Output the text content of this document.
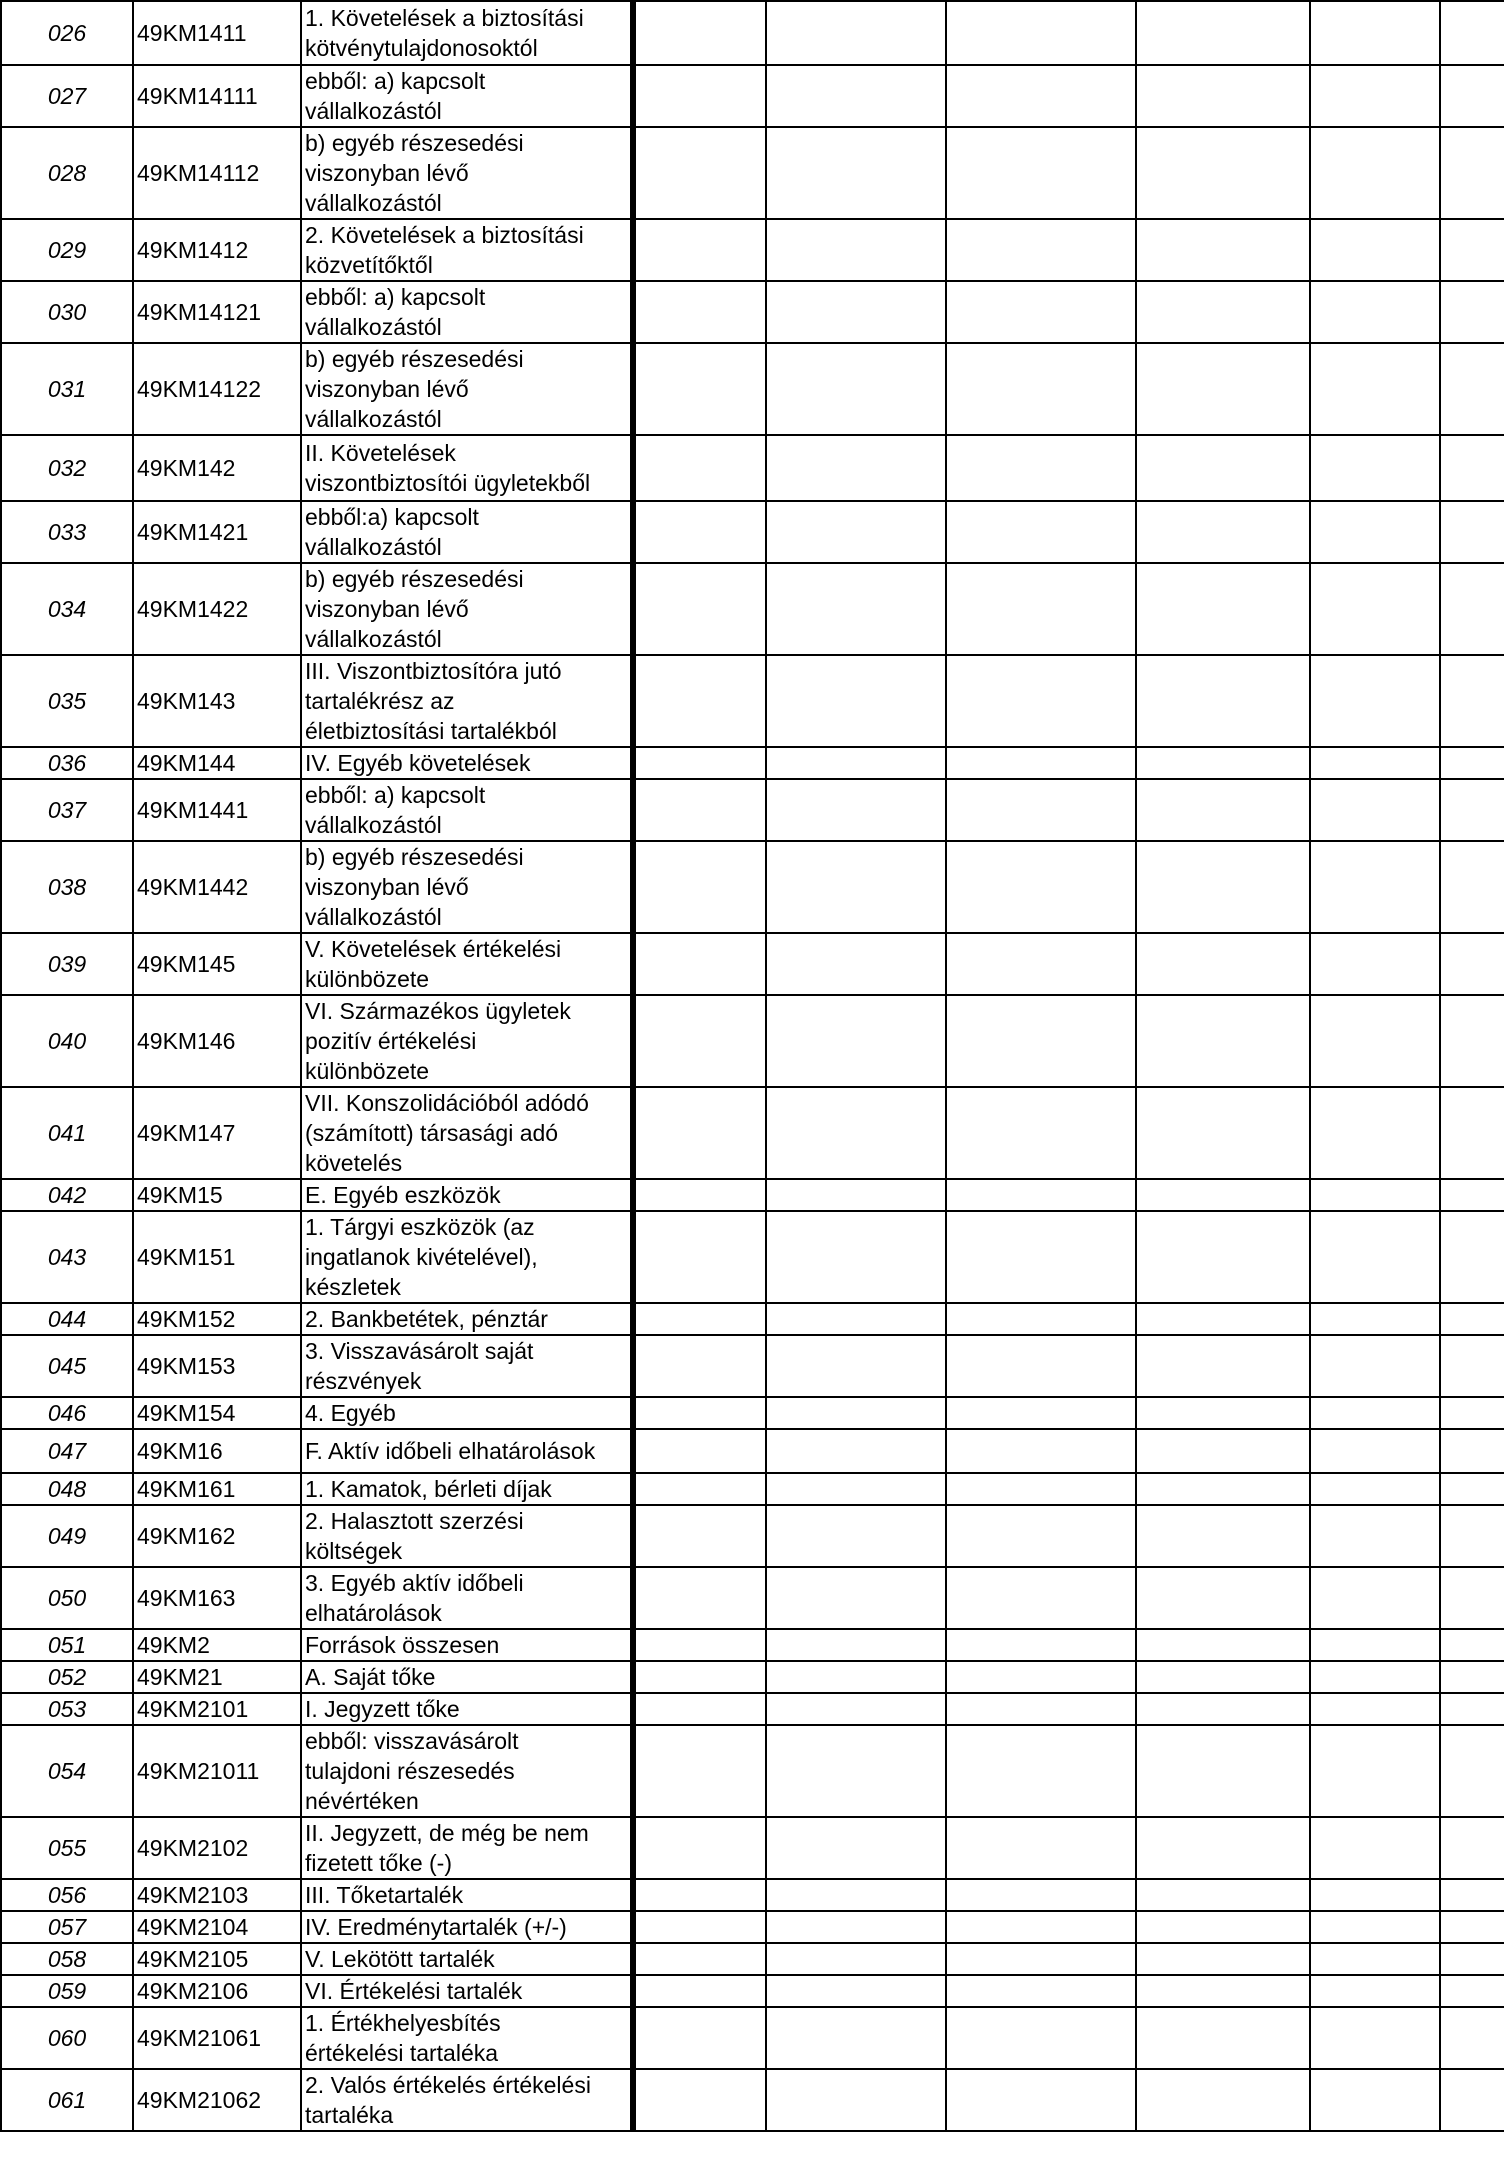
026	49KM1411	1. Követelések a biztosítási
kötvénytulajdonosoktól						
027	49KM14111	ebből: a) kapcsolt
vállalkozástól						
028	49KM14112	b) egyéb részesedési
viszonyban lévő
vállalkozástól						
029	49KM1412	2. Követelések a biztosítási
közvetítőktől						
030	49KM14121	ebből: a) kapcsolt
vállalkozástól						
031	49KM14122	b) egyéb részesedési
viszonyban lévő
vállalkozástól						
032	49KM142	II. Követelések
viszontbiztosítói ügyletekből						
033	49KM1421	ebből:a) kapcsolt
vállalkozástól						
034	49KM1422	b) egyéb részesedési
viszonyban lévő
vállalkozástól						
035	49KM143	III. Viszontbiztosítóra jutó
tartalékrész az
életbiztosítási tartalékból						
036	49KM144	IV. Egyéb követelések						
037	49KM1441	ebből: a) kapcsolt
vállalkozástól						
038	49KM1442	b) egyéb részesedési
viszonyban lévő
vállalkozástól						
039	49KM145	V. Követelések értékelési
különbözete						
040	49KM146	VI. Származékos ügyletek
pozitív értékelési
különbözete						
041	49KM147	VII. Konszolidációból adódó
(számított) társasági adó
követelés						
042	49KM15	E. Egyéb eszközök						
043	49KM151	1. Tárgyi eszközök (az
ingatlanok kivételével),
készletek						
044	49KM152	2. Bankbetétek, pénztár						
045	49KM153	3. Visszavásárolt saját
részvények						
046	49KM154	4. Egyéb						
047	49KM16	F. Aktív időbeli elhatárolások						
048	49KM161	1. Kamatok, bérleti díjak						
049	49KM162	2. Halasztott szerzési
költségek						
050	49KM163	3. Egyéb aktív időbeli
elhatárolások						
051	49KM2	Források összesen						
052	49KM21	A. Saját tőke						
053	49KM2101	I. Jegyzett tőke						
054	49KM21011	ebből: visszavásárolt
tulajdoni részesedés
névértéken						
055	49KM2102	II. Jegyzett, de még be nem
fizetett tőke (-)						
056	49KM2103	III. Tőketartalék						
057	49KM2104	IV. Eredménytartalék (+/-)						
058	49KM2105	V. Lekötött tartalék						
059	49KM2106	VI. Értékelési tartalék						
060	49KM21061	1. Értékhelyesbítés
értékelési tartaléka						
061	49KM21062	2. Valós értékelés értékelési
tartaléka						
